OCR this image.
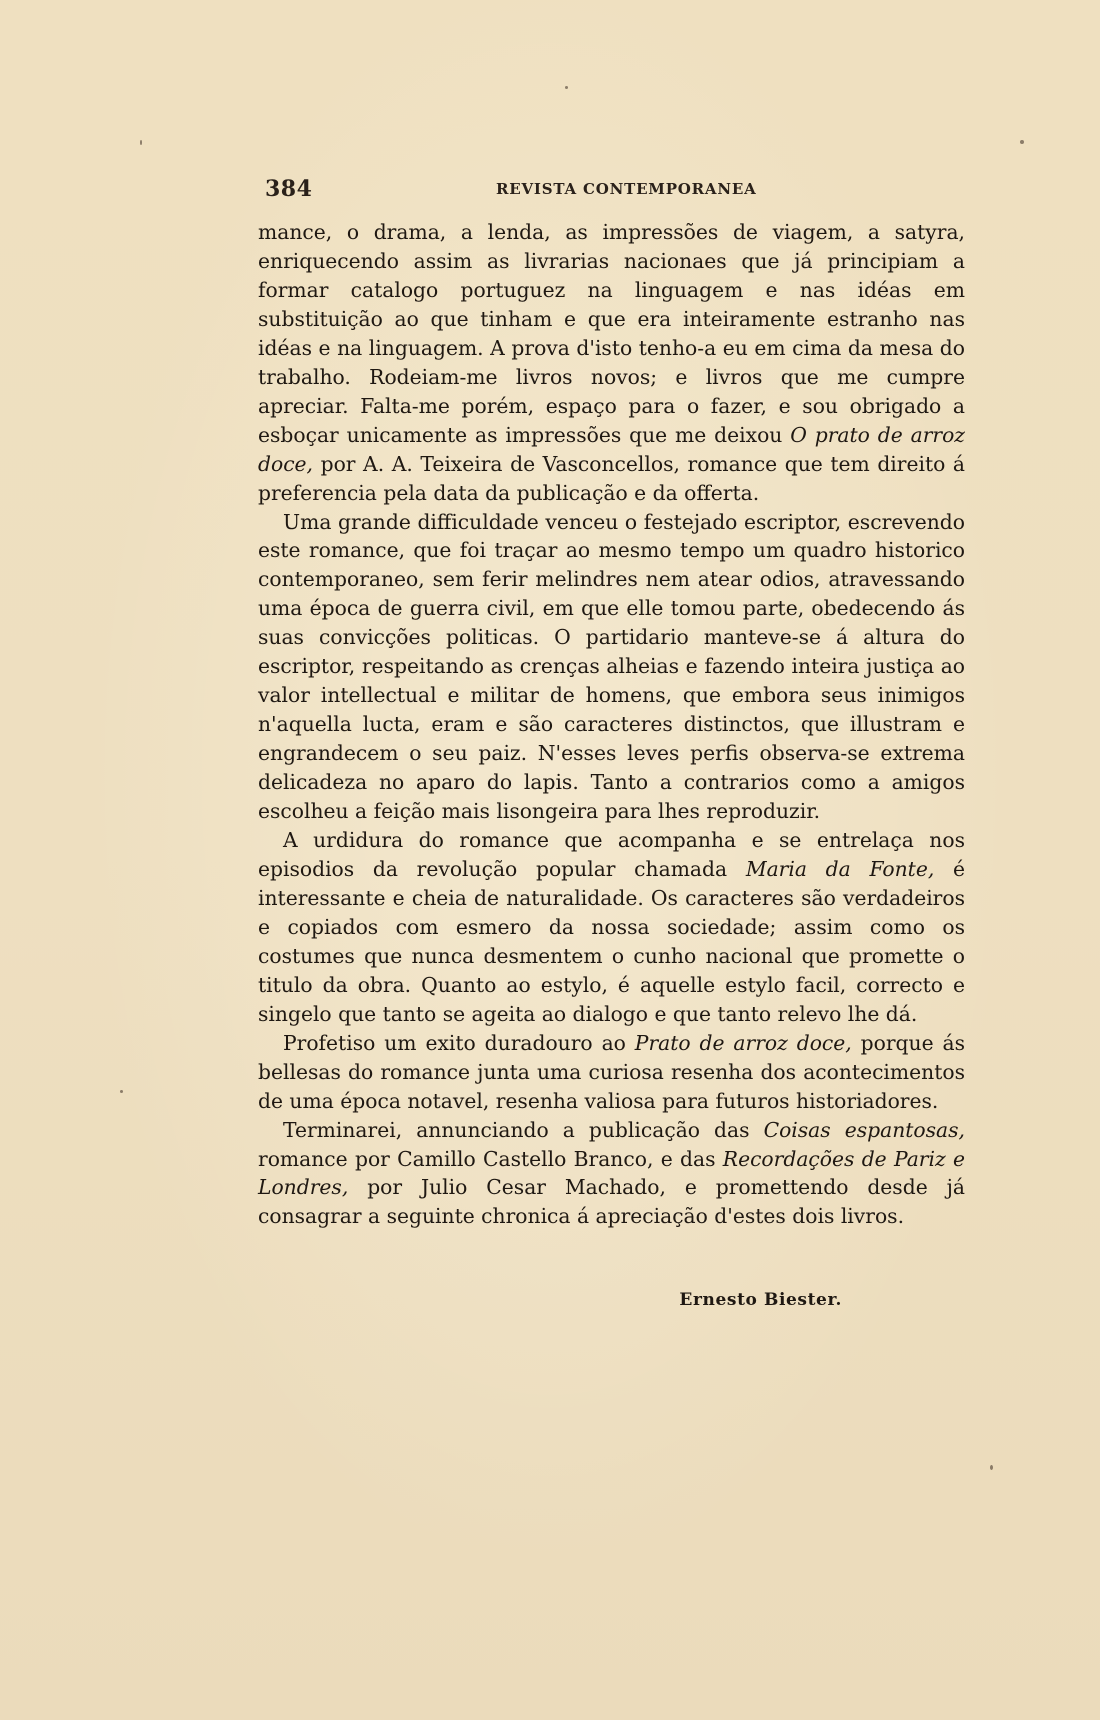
384	REVISTA CONTEMPORANEA

mance, o drama, a lenda, as impressões de viagem, a satyra, enriquecendo assim as livrarias nacionaes que já principiam a formar catalogo portuguez na linguagem e nas idéas em substituição ao que tinham e que era inteiramente estranho nas idéas e na linguagem. A prova d'isto tenho-a eu em cima da mesa do trabalho. Rodeiam-me livros novos; e livros que me cumpre apreciar. Falta-me porém, espaço para o fazer, e sou obrigado a esboçar unicamente as impressões que me deixou O prato de arroz doce, por A. A. Teixeira de Vasconcellos, romance que tem direito á preferencia pela data da publicação e da offerta.

Uma grande difficuldade venceu o festejado escriptor, escrevendo este romance, que foi traçar ao mesmo tempo um quadro historico contemporaneo, sem ferir melindres nem atear odios, atravessando uma época de guerra civil, em que elle tomou parte, obedecendo ás suas convicções politicas. O partidario manteve-se á altura do escriptor, respeitando as crenças alheias e fazendo inteira justiça ao valor intellectual e militar de homens, que embora seus inimigos n'aquella lucta, eram e são caracteres distinctos, que illustram e engrandecem o seu paiz. N'esses leves perfis observa-se extrema delicadeza no aparo do lapis. Tanto a contrarios como a amigos escolheu a feição mais lisongeira para lhes reproduzir.

A urdidura do romance que acompanha e se entrelaça nos episodios da revolução popular chamada Maria da Fonte, é interessante e cheia de naturalidade. Os caracteres são verdadeiros e copiados com esmero da nossa sociedade; assim como os costumes que nunca desmentem o cunho nacional que promette o titulo da obra. Quanto ao estylo, é aquelle estylo facil, correcto e singelo que tanto se ageita ao dialogo e que tanto relevo lhe dá.

Profetiso um exito duradouro ao Prato de arroz doce, porque ás bellesas do romance junta uma curiosa resenha dos acontecimentos de uma época notavel, resenha valiosa para futuros historiadores.

Terminarei, annunciando a publicação das Coisas espantosas, romance por Camillo Castello Branco, e das Recordações de Pariz e Londres, por Julio Cesar Machado, e promettendo desde já consagrar a seguinte chronica á apreciação d'estes dois livros.

Ernesto Biester.
